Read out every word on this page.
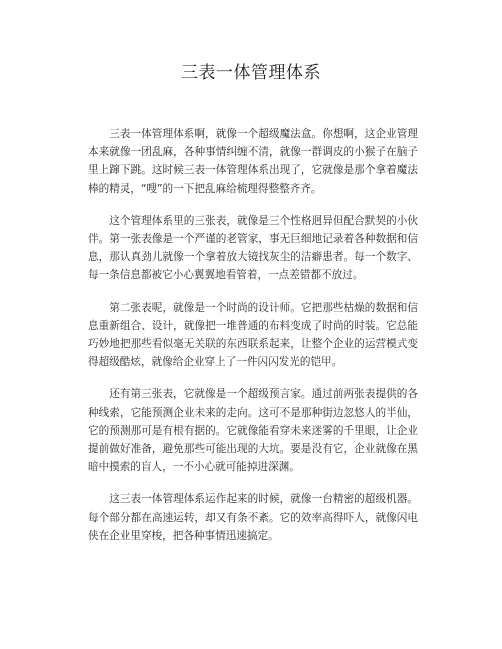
三表一体管理体系

三表一体管理体系啊，就像一个超级魔法盒。你想啊，这企业管理本来就像一团乱麻，各种事情纠缠不清，就像一群调皮的小猴子在脑子里上蹿下跳。这时候三表一体管理体系出现了，它就像是那个拿着魔法棒的精灵，“嗖”的一下把乱麻给梳理得整整齐齐。

这个管理体系里的三张表，就像是三个性格迥异但配合默契的小伙伴。第一张表像是一个严谨的老管家，事无巨细地记录着各种数据和信息，那认真劲儿就像一个拿着放大镜找灰尘的洁癖患者。每一个数字、每一条信息都被它小心翼翼地看管着，一点差错都不放过。

第二张表呢，就像是一个时尚的设计师。它把那些枯燥的数据和信息重新组合、设计，就像把一堆普通的布料变成了时尚的时装。它总能巧妙地把那些看似毫无关联的东西联系起来，让整个企业的运营模式变得超级酷炫，就像给企业穿上了一件闪闪发光的铠甲。

还有第三张表，它就像是一个超级预言家。通过前两张表提供的各种线索，它能预测企业未来的走向。这可不是那种街边忽悠人的半仙，它的预测那可是有根有据的。它就像能看穿未来迷雾的千里眼，让企业提前做好准备，避免那些可能出现的大坑。要是没有它，企业就像在黑暗中摸索的盲人，一不小心就可能掉进深渊。

这三表一体管理体系运作起来的时候，就像一台精密的超级机器。每个部分都在高速运转，却又有条不紊。它的效率高得吓人，就像闪电侠在企业里穿梭，把各种事情迅速搞定。
